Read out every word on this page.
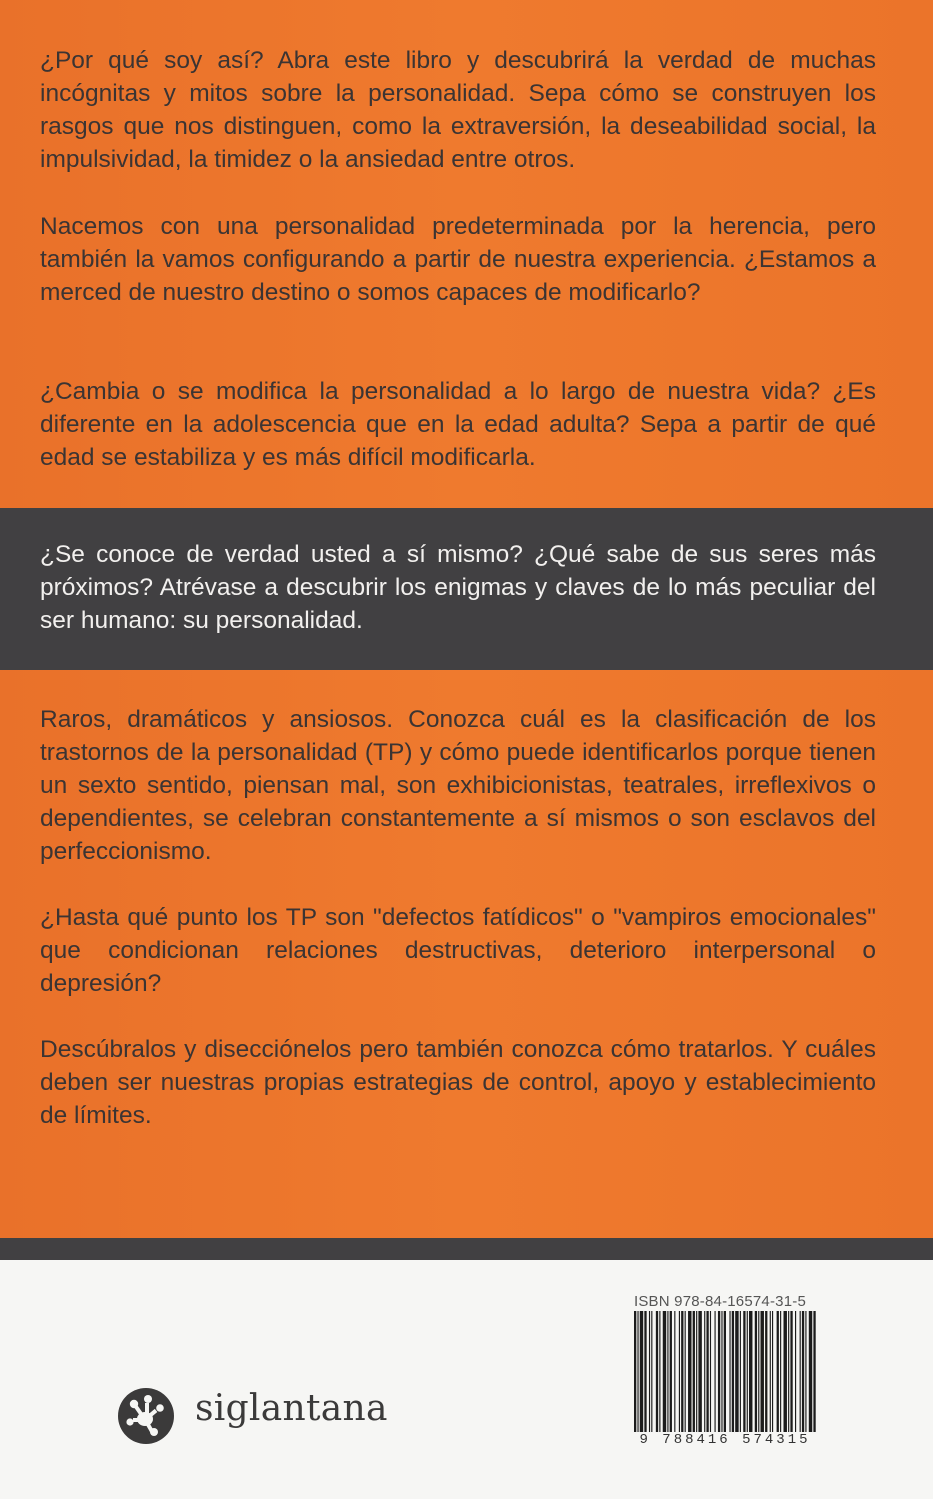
¿Por qué soy así? Abra este libro y descubrirá la verdad de muchas incógnitas y mitos sobre la personalidad. Sepa cómo se construyen los rasgos que nos distinguen, como la extraversión, la deseabilidad social, la impulsividad, la timidez o la ansiedad entre otros.

Nacemos con una personalidad predeterminada por la herencia, pero también la vamos configurando a partir de nuestra experiencia. ¿Estamos a merced de nuestro destino o somos capaces de modificarlo?

¿Cambia o se modifica la personalidad a lo largo de nuestra vida? ¿Es diferente en la adolescencia que en la edad adulta? Sepa a partir de qué edad se estabiliza y es más difícil modificarla.

¿Se conoce de verdad usted a sí mismo? ¿Qué sabe de sus seres más próximos? Atrévase a descubrir los enigmas y claves de lo más peculiar del ser humano: su personalidad.

Raros, dramáticos y ansiosos. Conozca cuál es la clasificación de los trastornos de la personalidad (TP) y cómo puede identificarlos porque tienen un sexto sentido, piensan mal, son exhibicionistas, teatrales, irreflexivos o dependientes, se celebran constantemente a sí mismos o son esclavos del perfeccionismo.

¿Hasta qué punto los TP son "defectos fatídicos" o "vampiros emocionales" que condicionan relaciones destructivas, deterioro interpersonal o depresión?

Descúbralos y disecciónelos pero también conozca cómo tratarlos. Y cuáles deben ser nuestras propias estrategias de control, apoyo y establecimiento de límites.

siglantana
ISBN 978-84-16574-31-5
9 788416 574315
